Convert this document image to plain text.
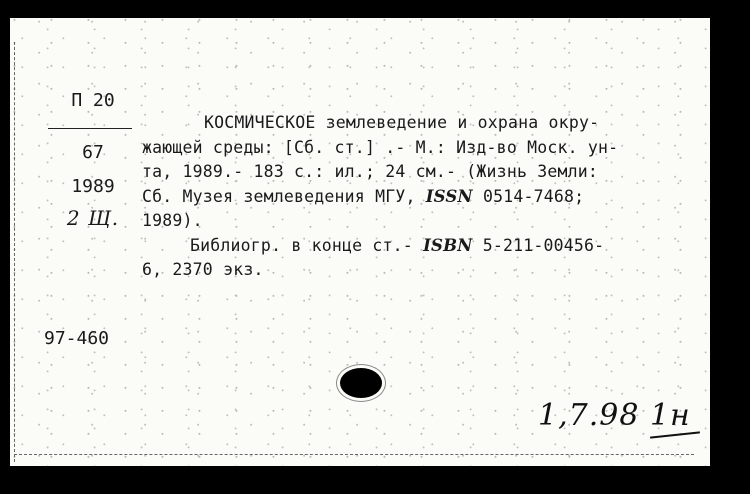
П 20
67
1989
2 Щ.
97-460
КОСМИЧЕСКОЕ землеведение и охрана окру-
жающей среды: [Сб. ст.] .- М.: Изд-во Моск. ун-
та, 1989.- 183 с.: ил.; 24 см.- (Жизнь Земли:
Сб. Музея землеведения МГУ, ISSN 0514-7468;
1989).
Библиогр. в конце ст.- ISBN 5-211-00456-
6, 2370 экз.
1,7.98 1н
